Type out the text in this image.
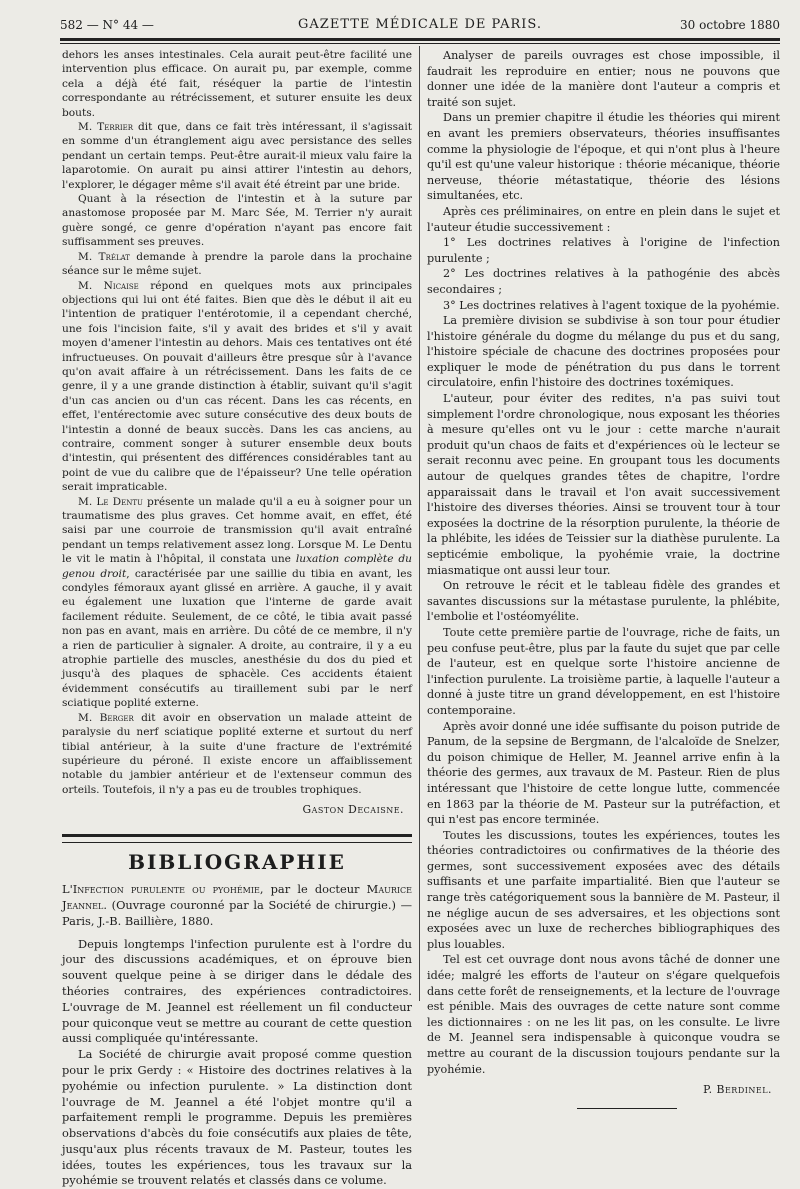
582 — N° 44 —	GAZETTE MÉDICALE DE PARIS.	30 octobre 1880

dehors les anses intestinales. Cela aurait peut-être facilité une intervention plus efficace. On aurait pu, par exemple, comme cela a déjà été fait, réséquer la partie de l'intestin correspondante au rétrécissement, et suturer ensuite les deux bouts.

M. Terrier dit que, dans ce fait très intéressant, il s'agissait en somme d'un étranglement aigu avec persistance des selles pendant un certain temps. Peut-être aurait-il mieux valu faire la laparotomie. On aurait pu ainsi attirer l'intestin au dehors, l'explorer, le dégager même s'il avait été étreint par une bride.

Quant à la résection de l'intestin et à la suture par anastomose proposée par M. Marc Sée, M. Terrier n'y aurait guère songé, ce genre d'opération n'ayant pas encore fait suffisamment ses preuves.

M. Trélat demande à prendre la parole dans la prochaine séance sur le même sujet.

M. Nicaise répond en quelques mots aux principales objections qui lui ont été faites. Bien que dès le début il ait eu l'intention de pratiquer l'entérotomie, il a cependant cherché, une fois l'incision faite, s'il y avait des brides et s'il y avait moyen d'amener l'intestin au dehors. Mais ces tentatives ont été infructueuses. On pouvait d'ailleurs être presque sûr à l'avance qu'on avait affaire à un rétrécissement. Dans les faits de ce genre, il y a une grande distinction à établir, suivant qu'il s'agit d'un cas ancien ou d'un cas récent. Dans les cas récents, en effet, l'entérectomie avec suture consécutive des deux bouts de l'intestin a donné de beaux succès. Dans les cas anciens, au contraire, comment songer à suturer ensemble deux bouts d'intestin, qui présentent des différences considérables tant au point de vue du calibre que de l'épaisseur? Une telle opération serait impraticable.

M. Le Dentu présente un malade qu'il a eu à soigner pour un traumatisme des plus graves. Cet homme avait, en effet, été saisi par une courroie de transmission qu'il avait entraîné pendant un temps relativement assez long. Lorsque M. Le Dentu le vit le matin à l'hôpital, il constata une luxation complète du genou droit, caractérisée par une saillie du tibia en avant, les condyles fémoraux ayant glissé en arrière. A gauche, il y avait eu également une luxation que l'interne de garde avait facilement réduite. Seulement, de ce côté, le tibia avait passé non pas en avant, mais en arrière. Du côté de ce membre, il n'y a rien de particulier à signaler. A droite, au contraire, il y a eu atrophie partielle des muscles, anesthésie du dos du pied et jusqu'à des plaques de sphacèle. Ces accidents étaient évidemment consécutifs au tiraillement subi par le nerf sciatique poplité externe.

M. Berger dit avoir en observation un malade atteint de paralysie du nerf sciatique poplité externe et surtout du nerf tibial antérieur, à la suite d'une fracture de l'extrémité supérieure du péroné. Il existe encore un affaiblissement notable du jambier antérieur et de l'extenseur commun des orteils. Toutefois, il n'y a pas eu de troubles trophiques.

Gaston Decaisne.
BIBLIOGRAPHIE

L'Infection purulente ou pyohémie, par le docteur Maurice Jeannel. (Ouvrage couronné par la Société de chirurgie.) — Paris, J.-B. Baillière, 1880.

Depuis longtemps l'infection purulente est à l'ordre du jour des discussions académiques, et on éprouve bien souvent quelque peine à se diriger dans le dédale des théories contraires, des expériences contradictoires. L'ouvrage de M. Jeannel est réellement un fil conducteur pour quiconque veut se mettre au courant de cette question aussi compliquée qu'intéressante.

La Société de chirurgie avait proposé comme question pour le prix Gerdy : « Histoire des doctrines relatives à la pyohémie ou infection purulente. » La distinction dont l'ouvrage de M. Jeannel a été l'objet montre qu'il a parfaitement rempli le programme. Depuis les premières observations d'abcès du foie consécutifs aux plaies de tête, jusqu'aux plus récents travaux de M. Pasteur, toutes les idées, toutes les expériences, tous les travaux sur la pyohémie se trouvent relatés et classés dans ce volume.

Analyser de pareils ouvrages est chose impossible, il faudrait les reproduire en entier; nous ne pouvons que donner une idée de la manière dont l'auteur a compris et traité son sujet.

Dans un premier chapitre il étudie les théories qui mirent en avant les premiers observateurs, théories insuffisantes comme la physiologie de l'époque, et qui n'ont plus à l'heure qu'il est qu'une valeur historique : théorie mécanique, théorie nerveuse, théorie métastatique, théorie des lésions simultanées, etc.

Après ces préliminaires, on entre en plein dans le sujet et l'auteur étudie successivement :

1° Les doctrines relatives à l'origine de l'infection purulente ;

2° Les doctrines relatives à la pathogénie des abcès secondaires ;

3° Les doctrines relatives à l'agent toxique de la pyohémie.

La première division se subdivise à son tour pour étudier l'histoire générale du dogme du mélange du pus et du sang, l'histoire spéciale de chacune des doctrines proposées pour expliquer le mode de pénétration du pus dans le torrent circulatoire, enfin l'histoire des doctrines toxémiques.

L'auteur, pour éviter des redites, n'a pas suivi tout simplement l'ordre chronologique, nous exposant les théories à mesure qu'elles ont vu le jour : cette marche n'aurait produit qu'un chaos de faits et d'expériences où le lecteur se serait reconnu avec peine. En groupant tous les documents autour de quelques grandes têtes de chapitre, l'ordre apparaissait dans le travail et l'on avait successivement l'histoire des diverses théories. Ainsi se trouvent tour à tour exposées la doctrine de la résorption purulente, la théorie de la phlébite, les idées de Teissier sur la diathèse purulente. La septicémie embolique, la pyohémie vraie, la doctrine miasmatique ont aussi leur tour.

On retrouve le récit et le tableau fidèle des grandes et savantes discussions sur la métastase purulente, la phlébite, l'embolie et l'ostéomyélite.

Toute cette première partie de l'ouvrage, riche de faits, un peu confuse peut-être, plus par la faute du sujet que par celle de l'auteur, est en quelque sorte l'histoire ancienne de l'infection purulente. La troisième partie, à laquelle l'auteur a donné à juste titre un grand développement, en est l'histoire contemporaine.

Après avoir donné une idée suffisante du poison putride de Panum, de la sepsine de Bergmann, de l'alcaloïde de Snelzer, du poison chimique de Heller, M. Jeannel arrive enfin à la théorie des germes, aux travaux de M. Pasteur. Rien de plus intéressant que l'histoire de cette longue lutte, commencée en 1863 par la théorie de M. Pasteur sur la putréfaction, et qui n'est pas encore terminée.

Toutes les discussions, toutes les expériences, toutes les théories contradictoires ou confirmatives de la théorie des germes, sont successivement exposées avec des détails suffisants et une parfaite impartialité. Bien que l'auteur se range très catégoriquement sous la bannière de M. Pasteur, il ne néglige aucun de ses adversaires, et les objections sont exposées avec un luxe de recherches bibliographiques des plus louables.

Tel est cet ouvrage dont nous avons tâché de donner une idée; malgré les efforts de l'auteur on s'égare quelquefois dans cette forêt de renseignements, et la lecture de l'ouvrage est pénible. Mais des ouvrages de cette nature sont comme les dictionnaires : on ne les lit pas, on les consulte. Le livre de M. Jeannel sera indispensable à quiconque voudra se mettre au courant de la discussion toujours pendante sur la pyohémie.

P. Berdinel.
